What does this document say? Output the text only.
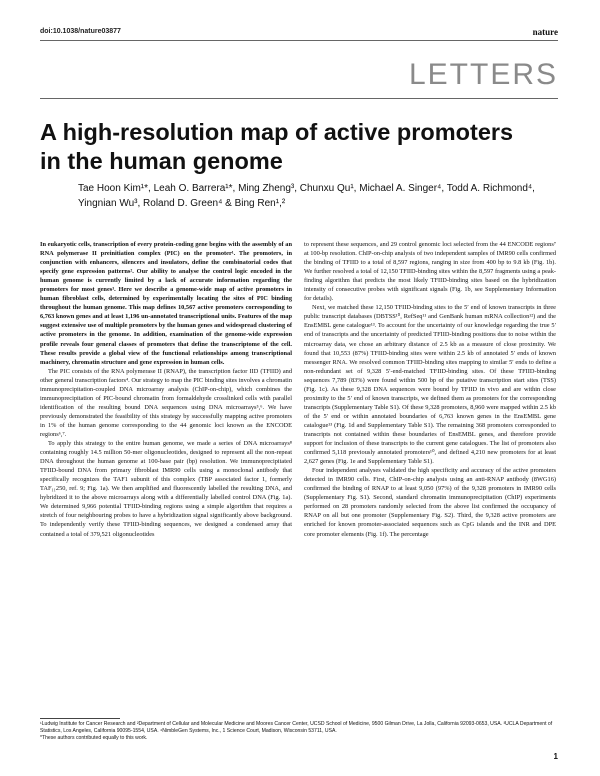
doi:10.1038/nature03877	nature
LETTERS
A high-resolution map of active promoters in the human genome
Tae Hoon Kim¹*, Leah O. Barrera¹*, Ming Zheng³, Chunxu Qu¹, Michael A. Singer⁴, Todd A. Richmond⁴, Yingnian Wu³, Roland D. Green⁴ & Bing Ren¹,²

In eukaryotic cells, transcription of every protein-coding gene begins with the assembly of an RNA polymerase II preinitiation complex (PIC) on the promoter¹. The promoters, in conjunction with enhancers, silencers and insulators, define the combinatorial codes that specify gene expression patterns². Our ability to analyse the control logic encoded in the human genome is currently limited by a lack of accurate information regarding the promoters for most genes³. Here we describe a genome-wide map of active promoters in human fibroblast cells, determined by experimentally locating the sites of PIC binding throughout the human genome. This map defines 10,567 active promoters corresponding to 6,763 known genes and at least 1,196 un-annotated transcriptional units. Features of the map suggest extensive use of multiple promoters by the human genes and widespread clustering of active promoters in the genome. In addition, examination of the genome-wide expression profile reveals four general classes of promoters that define the transcriptome of the cell. These results provide a global view of the functional relationships among transcriptional machinery, chromatin structure and gene expression in human cells.

The PIC consists of the RNA polymerase II (RNAP), the transcription factor IID (TFIID) and other general transcription factors⁴. Our strategy to map the PIC binding sites involves a chromatin immunoprecipitation-coupled DNA microarray analysis (ChIP-on-chip), which combines the immunoprecipitation of PIC-bound chromatin from formaldehyde crosslinked cells with parallel identification of the resulting bound DNA sequences using DNA microarrays⁵,⁶. We have previously demonstrated the feasibility of this strategy by successfully mapping active promoters in 1% of the human genome corresponding to the 44 genomic loci known as the ENCODE regions⁶,⁷.

To apply this strategy to the entire human genome, we made a series of DNA microarrays⁸ containing roughly 14.5 million 50-mer oligonucleotides, designed to represent all the non-repeat DNA throughout the human genome at 100-base pair (bp) resolution. We immunoprecipitated TFIID-bound DNA from primary fibroblast IMR90 cells using a monoclonal antibody that specifically recognizes the TAF1 subunit of this complex (TBP associated factor 1, formerly TAF₁₁250, ref. 9; Fig. 1a). We then amplified and fluorescently labelled the resulting DNA, and hybridized it to the above microarrays along with a differentially labelled control DNA (Fig. 1a). We determined 9,966 potential TFIID-binding regions using a simple algorithm that requires a stretch of four neighbouring probes to have a hybridization signal significantly above background. To independently verify these TFIID-binding sequences, we designed a condensed array that contained a total of 379,521 oligonucleotides

to represent these sequences, and 29 control genomic loci selected from the 44 ENCODE regions⁷ at 100-bp resolution. ChIP-on-chip analysis of two independent samples of IMR90 cells confirmed the binding of TFIID to a total of 8,597 regions, ranging in size from 400 bp to 9.8 kb (Fig. 1b). We further resolved a total of 12,150 TFIID-binding sites within the 8,597 fragments using a peak-finding algorithm that predicts the most likely TFIID-binding sites based on the hybridization intensity of consecutive probes with significant signals (Fig. 1b, see Supplementary Information for details).

Next, we matched these 12,150 TFIID-binding sites to the 5′ end of known transcripts in three public transcript databases (DBTSS¹⁰, RefSeq¹¹ and GenBank human mRNA collection¹²) and the EnsEMBL gene catalogue¹³. To account for the uncertainty of our knowledge regarding the true 5′ end of transcripts and the uncertainty of predicted TFIID-binding positions due to noise within the microarray data, we chose an arbitrary distance of 2.5 kb as a measure of close proximity. We found that 10,553 (87%) TFIID-binding sites were within 2.5 kb of annotated 5′ ends of known messenger RNA. We resolved common TFIID-binding sites mapping to similar 5′ ends to define a non-redundant set of 9,328 5′-end-matched TFIID-binding sites. Of these TFIID-binding sequences 7,789 (83%) were found within 500 bp of the putative transcription start sites (TSS) (Fig. 1c). As these 9,328 DNA sequences were bound by TFIID in vivo and are within close proximity to the 5′ end of known transcripts, we defined them as promoters for the corresponding transcripts (Supplementary Table S1). Of these 9,328 promoters, 8,960 were mapped within 2.5 kb of the 5′ end or within annotated boundaries of 6,763 known genes in the EnsEMBL gene catalogue¹³ (Fig. 1d and Supplementary Table S1). The remaining 368 promoters corresponded to transcripts not contained within these boundaries of EnsEMBL genes, and therefore provide support for inclusion of these transcripts to the current gene catalogues. The list of promoters also confirmed 5,118 previously annotated promoters¹⁰, and defined 4,210 new promoters for at least 2,627 genes (Fig. 1e and Supplementary Table S1).

Four independent analyses validated the high specificity and accuracy of the active promoters detected in IMR90 cells. First, ChIP-on-chip analysis using an anti-RNAP antibody (8WG16) confirmed the binding of RNAP to at least 9,050 (97%) of the 9,328 promoters in IMR90 cells (Supplementary Fig. S1). Second, standard chromatin immunoprecipitation (ChIP) experiments performed on 28 promoters randomly selected from the above list confirmed the occupancy of RNAP on all but one promoter (Supplementary Fig. S2). Third, the 9,328 active promoters are enriched for known promoter-associated sequences such as CpG islands and the INR and DPE core promoter elements (Fig. 1f). The percentage

¹Ludwig Institute for Cancer Research and ²Department of Cellular and Molecular Medicine and Moores Cancer Center, UCSD School of Medicine, 9500 Gilman Drive, La Jolla, California 92093-0653, USA. ³UCLA Department of Statistics, Los Angeles, California 90095-1554, USA. ⁴NimbleGen Systems, Inc., 1 Science Court, Madison, Wisconsin 53711, USA.
*These authors contributed equally to this work.
1
